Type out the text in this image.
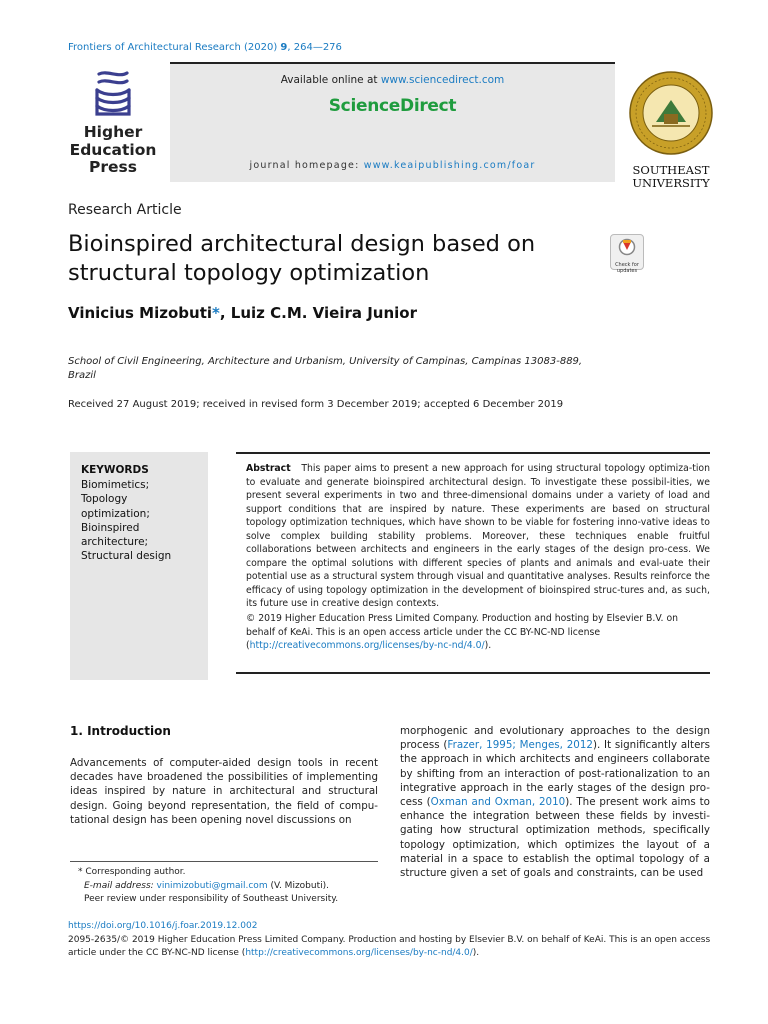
Frontiers of Architectural Research (2020) 9, 264—276
Higher
Education
Press
Available online at www.sciencedirect.com
ScienceDirect
journal homepage: www.keaipublishing.com/foar	SOUTHEAST
UNIVERSITY
Research Article
Bioinspired architectural design based on
structural topology optimization	Check for
updates
Vinicius Mizobuti*, Luiz C.M. Vieira Junior
School of Civil Engineering, Architecture and Urbanism, University of Campinas, Campinas 13083-889,
Brazil
Received 27 August 2019; received in revised form 3 December 2019; accepted 6 December 2019
KEYWORDS
Biomimetics;
Topology
optimization;
Bioinspired
architecture;
Structural design
Abstract This paper aims to present a new approach for using structural topology optimiza-tion to evaluate and generate bioinspired architectural design. To investigate these possibil-ities, we present several experiments in two and three-dimensional domains under a variety of load and support conditions that are inspired by nature. These experiments are based on structural topology optimization techniques, which have shown to be viable for fostering inno-vative ideas to solve complex building stability problems. Moreover, these techniques enable fruitful collaborations between architects and engineers in the early stages of the design pro-cess. We compare the optimal solutions with different species of plants and animals and eval-uate their potential use as a structural system through visual and quantitative analyses. Results reinforce the efficacy of using topology optimization in the development of bioinspired struc-tures and, as such, its future use in creative design contexts.
© 2019 Higher Education Press Limited Company. Production and hosting by Elsevier B.V. on behalf of KeAi. This is an open access article under the CC BY-NC-ND license (http://creativecommons.org/licenses/by-nc-nd/4.0/).
1. Introduction
Advancements of computer-aided design tools in recent decades have broadened the possibilities of implementing ideas inspired by nature in architectural and structural design. Going beyond representation, the field of compu-tational design has been opening novel discussions on
morphogenic and evolutionary approaches to the design process (Frazer, 1995; Menges, 2012). It significantly alters the approach in which architects and engineers collaborate by shifting from an interaction of post-rationalization to an integrative approach in the early stages of the design pro-cess (Oxman and Oxman, 2010). The present work aims to enhance the integration between these fields by investi-gating how structural optimization methods, specifically topology optimization, which optimizes the layout of a material in a space to establish the optimal topology of a structure given a set of goals and constraints, can be used
* Corresponding author.
E-mail address: vinimizobuti@gmail.com (V. Mizobuti).
Peer review under responsibility of Southeast University.
https://doi.org/10.1016/j.foar.2019.12.002
2095-2635/© 2019 Higher Education Press Limited Company. Production and hosting by Elsevier B.V. on behalf of KeAi. This is an open access article under the CC BY-NC-ND license (http://creativecommons.org/licenses/by-nc-nd/4.0/).
